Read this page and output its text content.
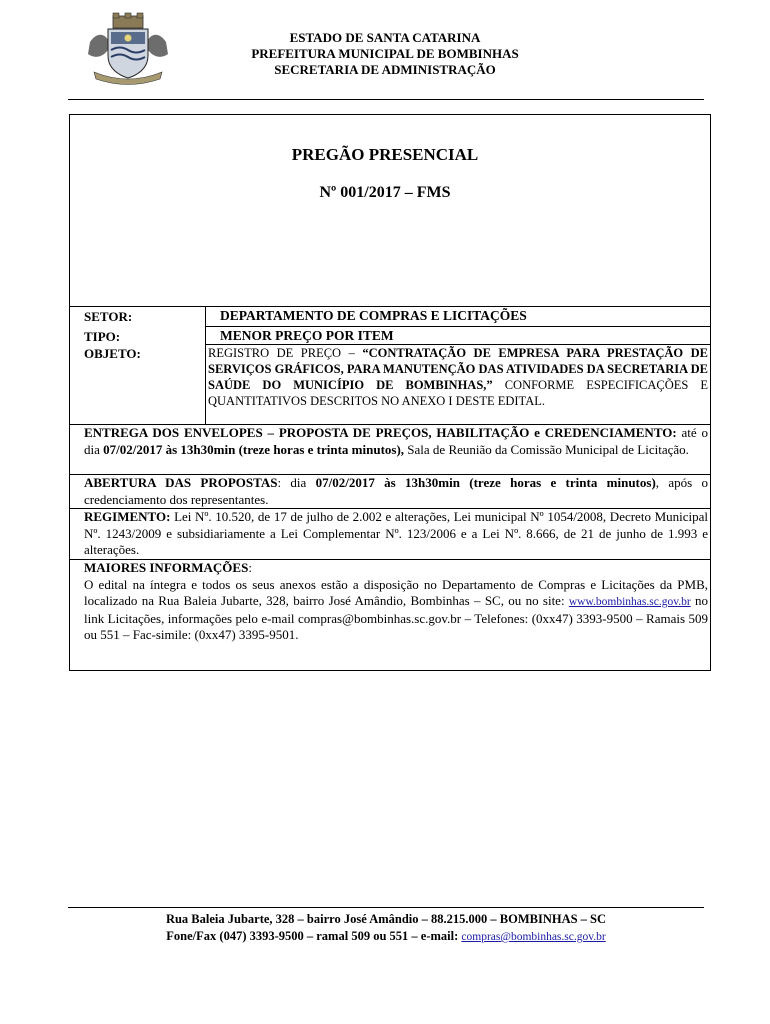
ESTADO DE SANTA CATARINA
PREFEITURA MUNICIPAL DE BOMBINHAS
SECRETARIA DE ADMINISTRAÇÃO
PREGÃO PRESENCIAL
Nº 001/2017 – FMS
SETOR:	DEPARTAMENTO DE COMPRAS E LICITAÇÕES
TIPO:	MENOR PREÇO POR ITEM
OBJETO:	REGISTRO DE PREÇO – “CONTRATAÇÃO DE EMPRESA PARA PRESTAÇÃO DE SERVIÇOS GRÁFICOS, PARA MANUTENÇÃO DAS ATIVIDADES DA SECRETARIA DE SAÚDE DO MUNICÍPIO DE BOMBINHAS,” CONFORME ESPECIFICAÇÕES E QUANTITATIVOS DESCRITOS NO ANEXO I DESTE EDITAL.
ENTREGA DOS ENVELOPES – PROPOSTA DE PREÇOS, HABILITAÇÃO e CREDENCIAMENTO: até o dia 07/02/2017 às 13h30min (treze horas e trinta minutos), Sala de Reunião da Comissão Municipal de Licitação.
ABERTURA DAS PROPOSTAS: dia 07/02/2017 às 13h30min (treze horas e trinta minutos), após o credenciamento dos representantes.
REGIMENTO: Lei Nº. 10.520, de 17 de julho de 2.002 e alterações, Lei municipal Nº 1054/2008, Decreto Municipal Nº. 1243/2009 e subsidiariamente a Lei Complementar Nº. 123/2006 e a Lei Nº. 8.666, de 21 de junho de 1.993 e alterações.
MAIORES INFORMAÇÕES:
O edital na íntegra e todos os seus anexos estão a disposição no Departamento de Compras e Licitações da PMB, localizado na Rua Baleia Jubarte, 328, bairro José Amândio, Bombinhas – SC, ou no site: www.bombinhas.sc.gov.br no link Licitações, informações pelo e-mail compras@bombinhas.sc.gov.br – Telefones: (0xx47) 3393-9500 – Ramais 509 ou 551 – Fac-simile: (0xx47) 3395-9501.
Rua Baleia Jubarte, 328 – bairro José Amândio – 88.215.000 – BOMBINHAS – SC
Fone/Fax (047) 3393-9500 – ramal 509 ou 551 – e-mail: compras@bombinhas.sc.gov.br
